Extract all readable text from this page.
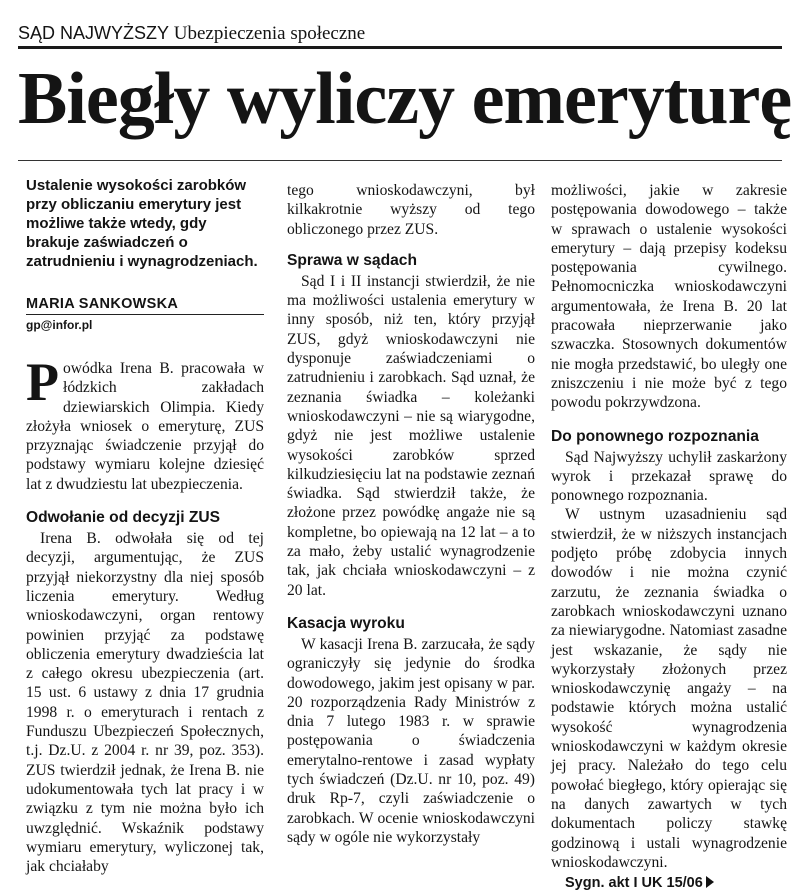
SĄD NAJWYŻSZY Ubezpieczenia społeczne
Biegły wyliczy emeryturę

Ustalenie wysokości zarobków przy obliczaniu emerytury jest możliwe także wtedy, gdy brakuje zaświadczeń o zatrudnieniu i wynagrodzeniach.

MARIA SANKOWSKA
gp@infor.pl

Powódka Irena B. pracowała w łódzkich zakładach dziewiarskich Olimpia. Kiedy złożyła wniosek o emeryturę, ZUS przyznając świadczenie przyjął do podstawy wymiaru kolejne dziesięć lat z dwudziestu lat ubezpieczenia.

Odwołanie od decyzji ZUS

Irena B. odwołała się od tej decyzji, argumentując, że ZUS przyjął niekorzystny dla niej sposób liczenia emerytury. Według wnioskodawczyni, organ rentowy powinien przyjąć za podstawę obliczenia emerytury dwadzieścia lat z całego okresu ubezpieczenia (art. 15 ust. 6 ustawy z dnia 17 grudnia 1998 r. o emeryturach i rentach z Funduszu Ubezpieczeń Społecznych, t.j. Dz.U. z 2004 r. nr 39, poz. 353). ZUS twierdził jednak, że Irena B. nie udokumentowała tych lat pracy i w związku z tym nie można było ich uwzględnić. Wskaźnik podstawy wymiaru emerytury, wyliczonej tak, jak chciałaby

tego wnioskodawczyni, był kilkakrotnie wyższy od tego obliczonego przez ZUS.

Sprawa w sądach

Sąd I i II instancji stwierdził, że nie ma możliwości ustalenia emerytury w inny sposób, niż ten, który przyjął ZUS, gdyż wnioskodawczyni nie dysponuje zaświadczeniami o zatrudnieniu i zarobkach. Sąd uznał, że zeznania świadka – koleżanki wnioskodawczyni – nie są wiarygodne, gdyż nie jest możliwe ustalenie wysokości zarobków sprzed kilkudziesięciu lat na podstawie zeznań świadka. Sąd stwierdził także, że złożone przez powódkę angaże nie są kompletne, bo opiewają na 12 lat – a to za mało, żeby ustalić wynagrodzenie tak, jak chciała wnioskodawczyni – z 20 lat.

Kasacja wyroku

W kasacji Irena B. zarzucała, że sądy ograniczyły się jedynie do środka dowodowego, jakim jest opisany w par. 20 rozporządzenia Rady Ministrów z dnia 7 lutego 1983 r. w sprawie postępowania o świadczenia emerytalno-rentowe i zasad wypłaty tych świadczeń (Dz.U. nr 10, poz. 49) druk Rp-7, czyli zaświadczenie o zarobkach. W ocenie wnioskodawczyni sądy w ogóle nie wykorzystały

możliwości, jakie w zakresie postępowania dowodowego – także w sprawach o ustalenie wysokości emerytury – dają przepisy kodeksu postępowania cywilnego. Pełnomocniczka wnioskodawczyni argumentowała, że Irena B. 20 lat pracowała nieprzerwanie jako szwaczka. Stosownych dokumentów nie mogła przedstawić, bo uległy one zniszczeniu i nie może być z tego powodu pokrzywdzona.

Do ponownego rozpoznania

Sąd Najwyższy uchylił zaskarżony wyrok i przekazał sprawę do ponownego rozpoznania.

W ustnym uzasadnieniu sąd stwierdził, że w niższych instancjach podjęto próbę zdobycia innych dowodów i nie można czynić zarzutu, że zeznania świadka o zarobkach wnioskodawczyni uznano za niewiarygodne. Natomiast zasadne jest wskazanie, że sądy nie wykorzystały złożonych przez wnioskodawczynię angaży – na podstawie których można ustalić wysokość wynagrodzenia wnioskodawczyni w każdym okresie jej pracy. Należało do tego celu powołać biegłego, który opierając się na danych zawartych w tych dokumentach policzy stawkę godzinową i ustali wynagrodzenie wnioskodawczyni.

Sygn. akt I UK 15/06
